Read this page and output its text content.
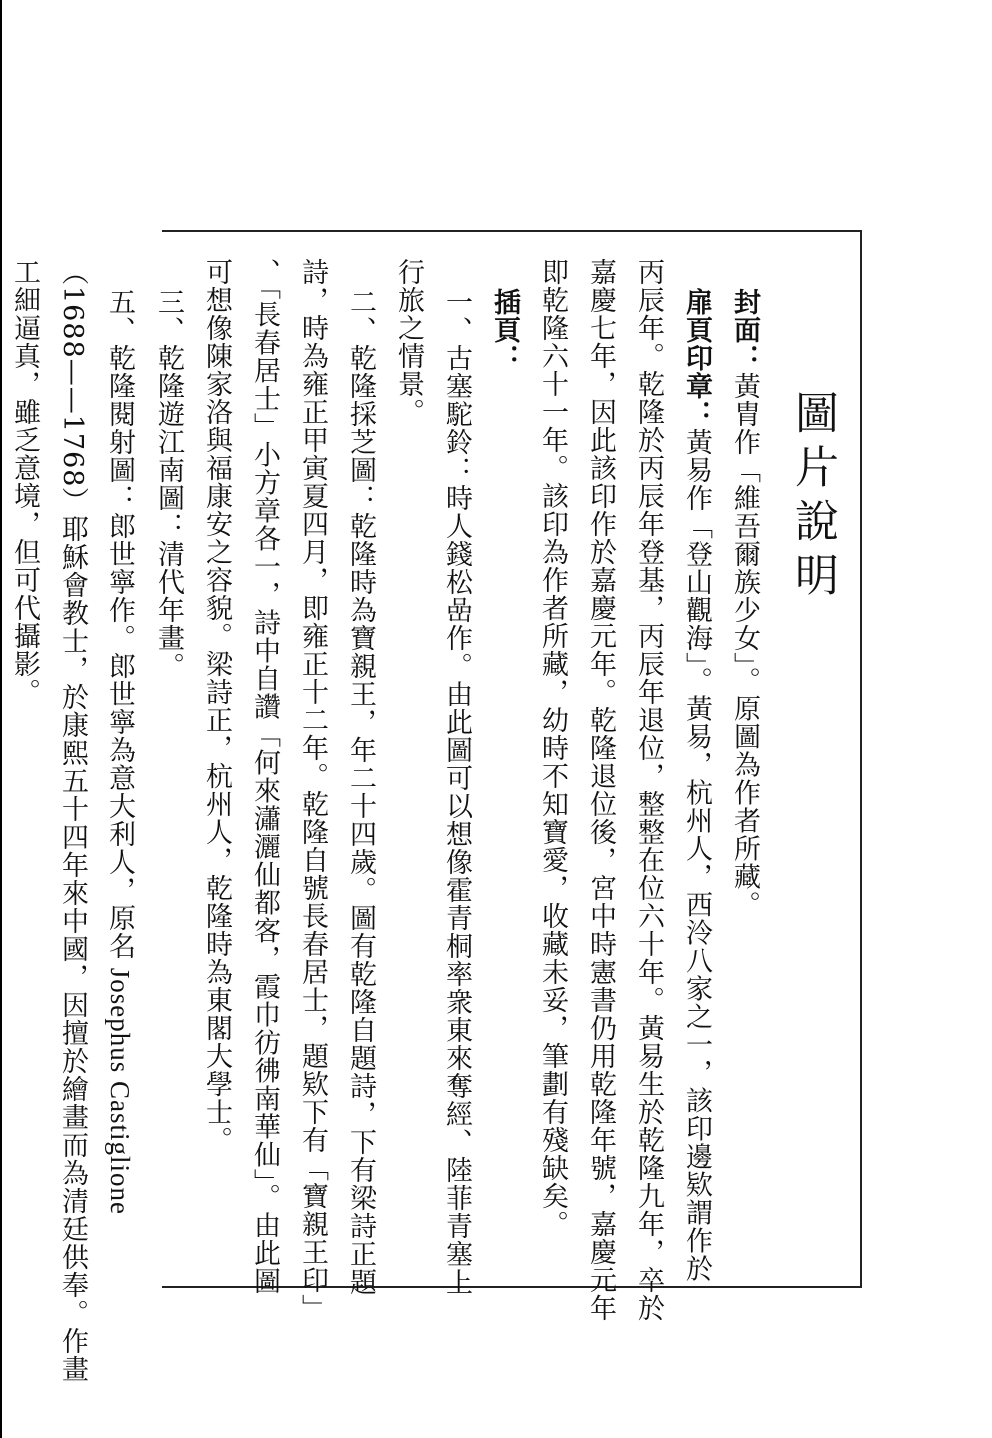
圖片說明
封面：黃胄作「維吾爾族少女」。原圖為作者所藏。
扉頁印章：黃易作「登山觀海」。黃易，杭州人，西泠八家之一，該印邊欵謂作於
丙辰年。乾隆於丙辰年登基，丙辰年退位，整整在位六十年。黃易生於乾隆九年，卒於
嘉慶七年，因此該印作於嘉慶元年。乾隆退位後，宮中時憲書仍用乾隆年號，嘉慶元年
即乾隆六十一年。該印為作者所藏，幼時不知寶愛，收藏未妥，筆劃有殘缺矣。
插頁：
一、古塞駝鈴：時人錢松嵒作。由此圖可以想像霍青桐率衆東來奪經、陸菲青塞上
行旅之情景。
二、乾隆採芝圖：乾隆時為寶親王，年二十四歲。圖有乾隆自題詩，下有梁詩正題
詩，時為雍正甲寅夏四月，即雍正十二年。乾隆自號長春居士，題欵下有「寶親王印」
、「長春居士」小方章各一，詩中自讚「何來瀟灑仙都客，霞巾彷彿南華仙」。由此圖
可想像陳家洛與福康安之容貌。梁詩正，杭州人，乾隆時為東閣大學士。
三、乾隆遊江南圖：清代年畫。
五、乾隆閱射圖：郎世寧作。郎世寧為意大利人，原名 Josephus Castiglione
（1688——1768）耶穌會教士，於康熙五十四年來中國，因擅於繪畫而為清廷供奉。作畫
工細逼真，雖乏意境，但可代攝影。
